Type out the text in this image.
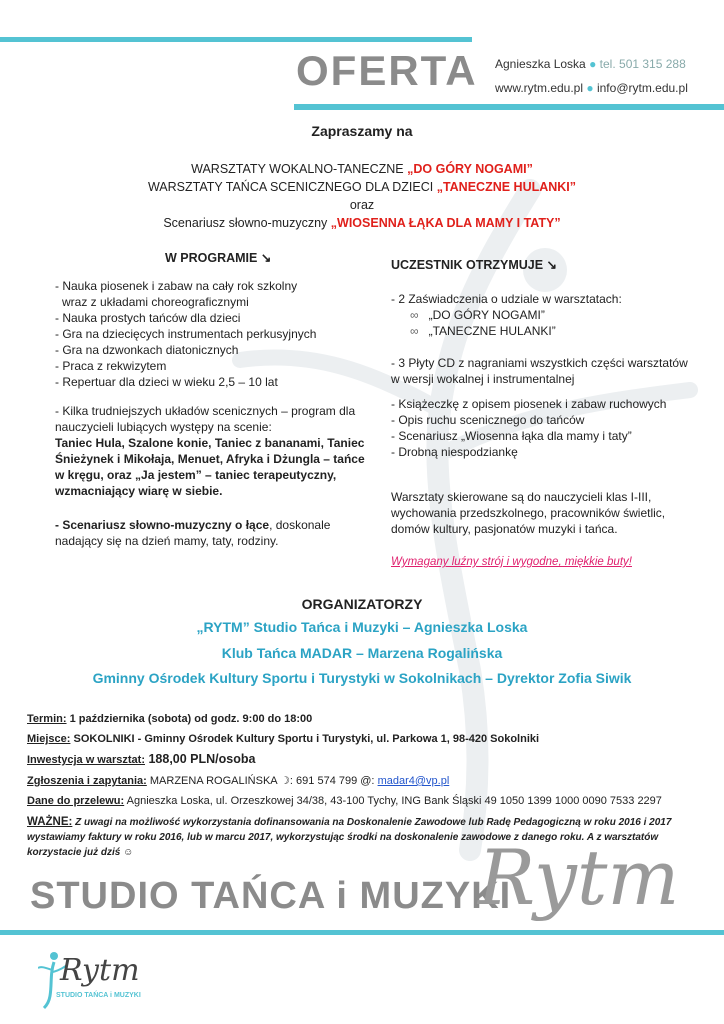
OFERTA Agnieszka Loska ● tel. 501 315 288
www.rytm.edu.pl ● info@rytm.edu.pl
Zapraszamy na
WARSZTATY WOKALNO-TANECZNE „DO GÓRY NOGAMI”
WARSZTATY TAŃCA SCENICZNEGO DLA DZIECI „TANECZNE HULANKI”
oraz
Scenariusz słowno-muzyczny „WIOSENNA ŁĄKA DLA MAMY I TATY”
W PROGRAMIE ↘
- Nauka piosenek i zabaw na cały rok szkolny
wraz z układami choreograficznymi
- Nauka prostych tańców dla dzieci
- Gra na dziecięcych instrumentach perkusyjnych
- Gra na dzwonkach diatonicznych
- Praca z rekwizytem
- Repertuar dla dzieci w wieku 2,5 – 10 lat
- Kilka trudniejszych układów scenicznych – program dla nauczycieli lubiących występy na scenie:
Taniec Hula, Szalone konie, Taniec z bananami, Taniec Śnieżynek i Mikołaja, Menuet, Afryka i Dżungla – tańce w kręgu, oraz „Ja jestem” – taniec terapeutyczny, wzmacniający wiarę w siebie.
- Scenariusz słowno-muzyczny o łące, doskonale nadający się na dzień mamy, taty, rodziny.
UCZESTNIK OTRZYMUJE ↘
- 2 Zaświadczenia o udziale w warsztatach:
∞ „DO GÓRY NOGAMI”
∞ „TANECZNE HULANKI”
- 3 Płyty CD z nagraniami wszystkich części warsztatów w wersji wokalnej i instrumentalnej
- Książeczkę z opisem piosenek i zabaw ruchowych
- Opis ruchu scenicznego do tańców
- Scenariusz „Wiosenna łąka dla mamy i taty”
- Drobną niespodziankę
Warsztaty skierowane są do nauczycieli klas I-III, wychowania przedszkolnego, pracowników świetlic, domów kultury, pasjonatów muzyki i tańca.
Wymagany luźny strój i wygodne, miękkie buty!
ORGANIZATORZY
„RYTM” Studio Tańca i Muzyki – Agnieszka Loska
Klub Tańca MADAR – Marzena Rogalińska
Gminny Ośrodek Kultury Sportu i Turystyki w Sokolnikach – Dyrektor Zofia Siwik
Termin: 1 października (sobota) od godz. 9:00 do 18:00
Miejsce: SOKOLNIKI - Gminny Ośrodek Kultury Sportu i Turystyki, ul. Parkowa 1, 98-420 Sokolniki
Inwestycja w warsztat: 188,00 PLN/osoba
Zgłoszenia i zapytania: MARZENA ROGALIŃSKA ☽: 691 574 799 @: madar4@vp.pl
Dane do przelewu: Agnieszka Loska, ul. Orzeszkowej 34/38, 43-100 Tychy, ING Bank Śląski 49 1050 1399 1000 0090 7533 2297
WAŻNE: Z uwagi na możliwość wykorzystania dofinansowania na Doskonalenie Zawodowe lub Radę Pedagogiczną w roku 2016 i 2017 wystawiamy faktury w roku 2016, lub w marcu 2017, wykorzystując środki na doskonalenie zawodowe z danego roku. A z warsztatów korzystacie już dziś ☺
STUDIO TAŃCA i MUZYKI
Rytm
Rytm
STUDIO TAŃCA i MUZYKI
